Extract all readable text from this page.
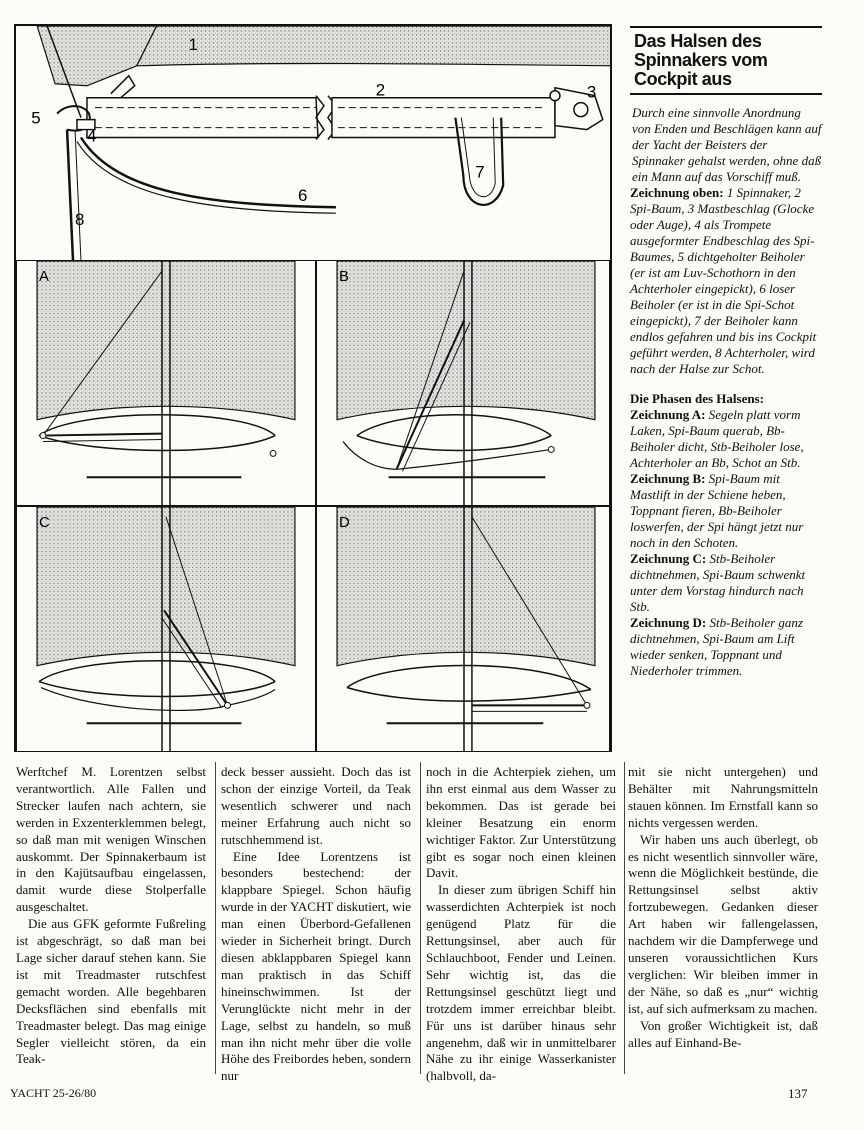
1
2	3
4
5
6
7
8
A	B
C	D
Das Halsen des
Spinnakers vom
Cockpit aus

Durch eine sinnvolle Anordnung von Enden und Beschlägen kann auf der Yacht der Beisters der Spinnaker gehalst werden, ohne daß ein Mann auf das Vorschiff muß.

Zeichnung oben: 1 Spinnaker, 2 Spi-Baum, 3 Mastbeschlag (Glocke oder Auge), 4 als Trompete ausgeformter Endbeschlag des Spi-Baumes, 5 dichtgeholter Beiholer (er ist am Luv-Schothorn in den Achterholer eingepickt), 6 loser Beiholer (er ist in die Spi-Schot eingepickt), 7 der Beiholer kann endlos gefahren und bis ins Cockpit geführt werden, 8 Achterholer, wird nach der Halse zur Schot.

Die Phasen des Halsens:

Zeichnung A: Segeln platt vorm Laken, Spi-Baum querab, Bb-Beiholer dicht, Stb-Beiholer lose, Achterholer an Bb, Schot an Stb.

Zeichnung B: Spi-Baum mit Mastlift in der Schiene heben, Toppnant fieren, Bb-Beiholer loswerfen, der Spi hängt jetzt nur noch in den Schoten.

Zeichnung C: Stb-Beiholer dichtnehmen, Spi-Baum schwenkt unter dem Vorstag hindurch nach Stb.

Zeichnung D: Stb-Beiholer ganz dichtnehmen, Spi-Baum am Lift wieder senken, Toppnant und Niederholer trimmen.

Werftchef M. Lorentzen selbst verantwortlich. Alle Fallen und Strecker laufen nach achtern, sie werden in Exzenterklemmen belegt, so daß man mit wenigen Winschen auskommt. Der Spinnakerbaum ist in den Kajütsaufbau eingelassen, damit wurde diese Stolperfalle ausgeschaltet.

Die aus GFK geformte Fußreling ist abgeschrägt, so daß man bei Lage sicher darauf stehen kann. Sie ist mit Treadmaster rutschfest gemacht worden. Alle begehbaren Decksflächen sind ebenfalls mit Treadmaster belegt. Das mag einige Segler vielleicht stören, da ein Teak-

deck besser aussieht. Doch das ist schon der einzige Vorteil, da Teak wesentlich schwerer und nach meiner Erfahrung auch nicht so rutschhemmend ist.

Eine Idee Lorentzens ist besonders bestechend: der klappbare Spiegel. Schon häufig wurde in der YACHT diskutiert, wie man einen Überbord-Gefallenen wieder in Sicherheit bringt. Durch diesen abklappbaren Spiegel kann man praktisch in das Schiff hineinschwimmen. Ist der Verunglückte nicht mehr in der Lage, selbst zu handeln, so muß man ihn nicht mehr über die volle Höhe des Freibordes heben, sondern nur

noch in die Achterpiek ziehen, um ihn erst einmal aus dem Wasser zu bekommen. Das ist gerade bei kleiner Besatzung ein enorm wichtiger Faktor. Zur Unterstützung gibt es sogar noch einen kleinen Davit.

In dieser zum übrigen Schiff hin wasserdichten Achterpiek ist noch genügend Platz für die Rettungsinsel, aber auch für Schlauchboot, Fender und Leinen. Sehr wichtig ist, das die Rettungsinsel geschützt liegt und trotzdem immer erreichbar bleibt. Für uns ist darüber hinaus sehr angenehm, daß wir in unmittelbarer Nähe zu ihr einige Wasserkanister (halbvoll, da-

mit sie nicht untergehen) und Behälter mit Nahrungsmitteln stauen können. Im Ernstfall kann so nichts vergessen werden.

Wir haben uns auch überlegt, ob es nicht wesentlich sinnvoller wäre, wenn die Möglichkeit bestünde, die Rettungsinsel selbst aktiv fortzubewegen. Gedanken dieser Art haben wir fallengelassen, nachdem wir die Dampferwege und unseren voraussichtlichen Kurs verglichen: Wir bleiben immer in der Nähe, so daß es „nur“ wichtig ist, auf sich aufmerksam zu machen.

Von großer Wichtigkeit ist, daß alles auf Einhand-Be-

YACHT 25-26/80	137
